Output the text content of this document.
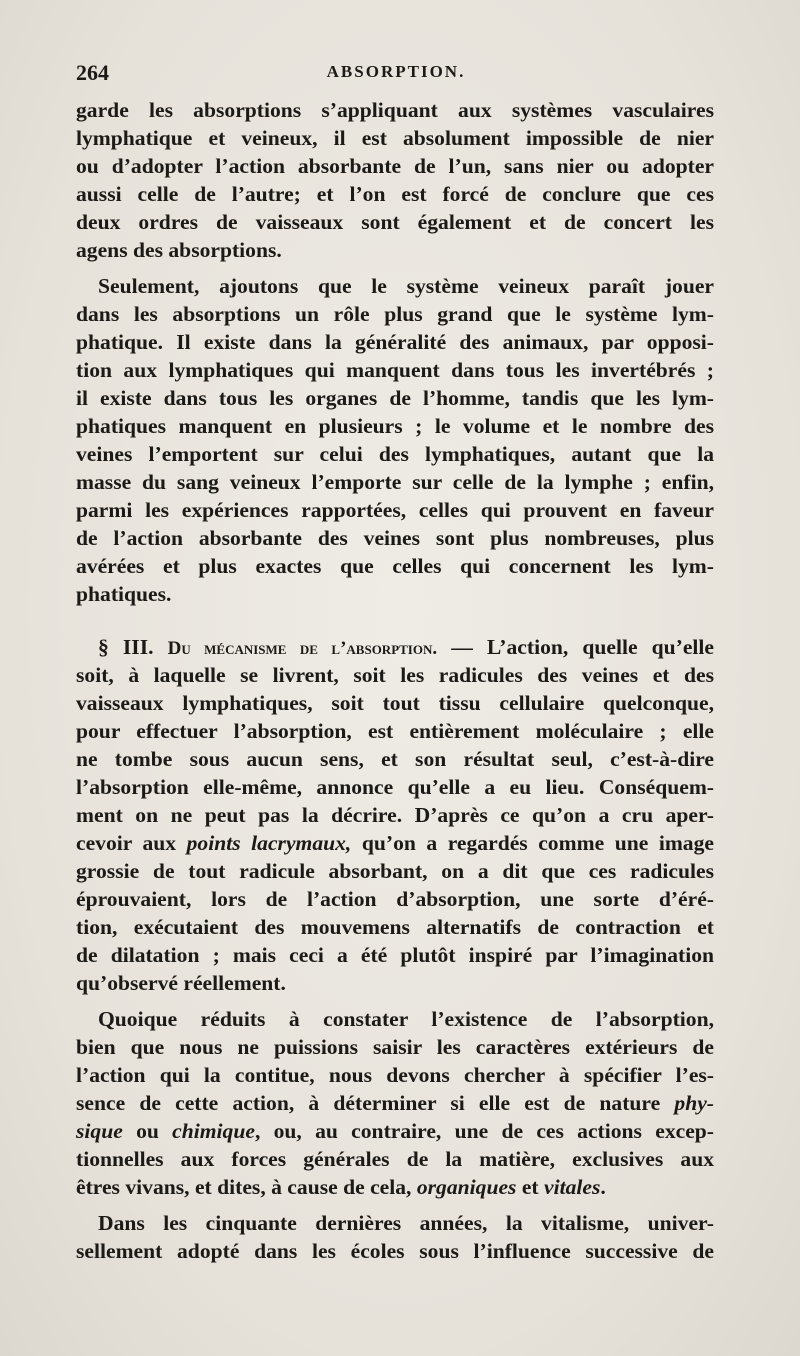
264	ABSORPTION.
garde les absorptions s’appliquant aux systèmes vasculaires
lymphatique et veineux, il est absolument impossible de nier
ou d’adopter l’action absorbante de l’un, sans nier ou adopter
aussi celle de l’autre; et l’on est forcé de conclure que ces
deux ordres de vaisseaux sont également et de concert les
agens des absorptions.
Seulement, ajoutons que le système veineux paraît jouer
dans les absorptions un rôle plus grand que le système lym-
phatique. Il existe dans la généralité des animaux, par opposi-
tion aux lymphatiques qui manquent dans tous les invertébrés ;
il existe dans tous les organes de l’homme, tandis que les lym-
phatiques manquent en plusieurs ; le volume et le nombre des
veines l’emportent sur celui des lymphatiques, autant que la
masse du sang veineux l’emporte sur celle de la lymphe ; enfin,
parmi les expériences rapportées, celles qui prouvent en faveur
de l’action absorbante des veines sont plus nombreuses, plus
avérées et plus exactes que celles qui concernent les lym-
phatiques.
§ III. Du mécanisme de l’absorption. — L’action, quelle qu’elle
soit, à laquelle se livrent, soit les radicules des veines et des
vaisseaux lymphatiques, soit tout tissu cellulaire quelconque,
pour effectuer l’absorption, est entièrement moléculaire ; elle
ne tombe sous aucun sens, et son résultat seul, c’est-à-dire
l’absorption elle-même, annonce qu’elle a eu lieu. Conséquem-
ment on ne peut pas la décrire. D’après ce qu’on a cru aper-
cevoir aux points lacrymaux, qu’on a regardés comme une image
grossie de tout radicule absorbant, on a dit que ces radicules
éprouvaient, lors de l’action d’absorption, une sorte d’éré-
tion, exécutaient des mouvemens alternatifs de contraction et
de dilatation ; mais ceci a été plutôt inspiré par l’imagination
qu’observé réellement.
Quoique réduits à constater l’existence de l’absorption,
bien que nous ne puissions saisir les caractères extérieurs de
l’action qui la contitue, nous devons chercher à spécifier l’es-
sence de cette action, à déterminer si elle est de nature phy-
sique ou chimique, ou, au contraire, une de ces actions excep-
tionnelles aux forces générales de la matière, exclusives aux
êtres vivans, et dites, à cause de cela, organiques et vitales.
Dans les cinquante dernières années, la vitalisme, univer-
sellement adopté dans les écoles sous l’influence successive de
